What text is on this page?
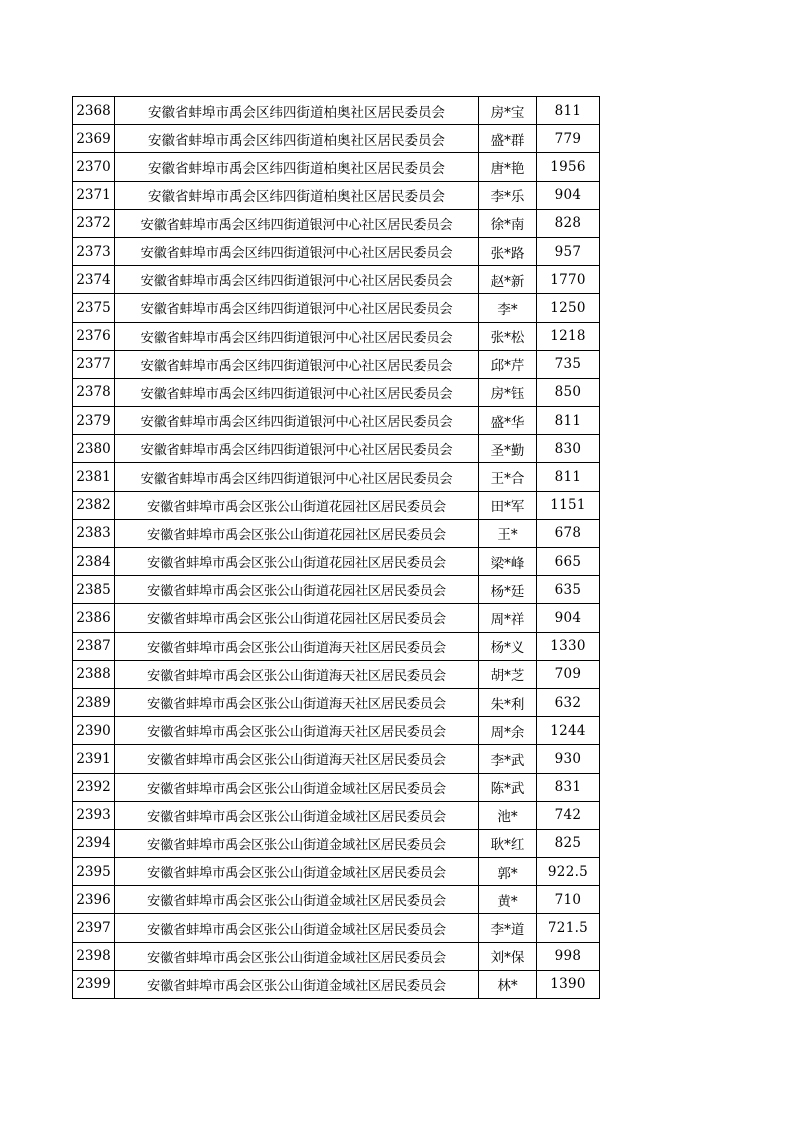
2368	安徽省蚌埠市禹会区纬四街道柏奥社区居民委员会	房*宝	811
2369	安徽省蚌埠市禹会区纬四街道柏奥社区居民委员会	盛*群	779
2370	安徽省蚌埠市禹会区纬四街道柏奥社区居民委员会	唐*艳	1956
2371	安徽省蚌埠市禹会区纬四街道柏奥社区居民委员会	李*乐	904
2372	安徽省蚌埠市禹会区纬四街道银河中心社区居民委员会	徐*南	828
2373	安徽省蚌埠市禹会区纬四街道银河中心社区居民委员会	张*路	957
2374	安徽省蚌埠市禹会区纬四街道银河中心社区居民委员会	赵*新	1770
2375	安徽省蚌埠市禹会区纬四街道银河中心社区居民委员会	李*	1250
2376	安徽省蚌埠市禹会区纬四街道银河中心社区居民委员会	张*松	1218
2377	安徽省蚌埠市禹会区纬四街道银河中心社区居民委员会	邱*芹	735
2378	安徽省蚌埠市禹会区纬四街道银河中心社区居民委员会	房*钰	850
2379	安徽省蚌埠市禹会区纬四街道银河中心社区居民委员会	盛*华	811
2380	安徽省蚌埠市禹会区纬四街道银河中心社区居民委员会	圣*勤	830
2381	安徽省蚌埠市禹会区纬四街道银河中心社区居民委员会	王*合	811
2382	安徽省蚌埠市禹会区张公山街道花园社区居民委员会	田*军	1151
2383	安徽省蚌埠市禹会区张公山街道花园社区居民委员会	王*	678
2384	安徽省蚌埠市禹会区张公山街道花园社区居民委员会	梁*峰	665
2385	安徽省蚌埠市禹会区张公山街道花园社区居民委员会	杨*廷	635
2386	安徽省蚌埠市禹会区张公山街道花园社区居民委员会	周*祥	904
2387	安徽省蚌埠市禹会区张公山街道海天社区居民委员会	杨*义	1330
2388	安徽省蚌埠市禹会区张公山街道海天社区居民委员会	胡*芝	709
2389	安徽省蚌埠市禹会区张公山街道海天社区居民委员会	朱*利	632
2390	安徽省蚌埠市禹会区张公山街道海天社区居民委员会	周*余	1244
2391	安徽省蚌埠市禹会区张公山街道海天社区居民委员会	李*武	930
2392	安徽省蚌埠市禹会区张公山街道金域社区居民委员会	陈*武	831
2393	安徽省蚌埠市禹会区张公山街道金域社区居民委员会	池*	742
2394	安徽省蚌埠市禹会区张公山街道金域社区居民委员会	耿*红	825
2395	安徽省蚌埠市禹会区张公山街道金域社区居民委员会	郭*	922.5
2396	安徽省蚌埠市禹会区张公山街道金域社区居民委员会	黄*	710
2397	安徽省蚌埠市禹会区张公山街道金域社区居民委员会	李*道	721.5
2398	安徽省蚌埠市禹会区张公山街道金域社区居民委员会	刘*保	998
2399	安徽省蚌埠市禹会区张公山街道金域社区居民委员会	林*	1390
